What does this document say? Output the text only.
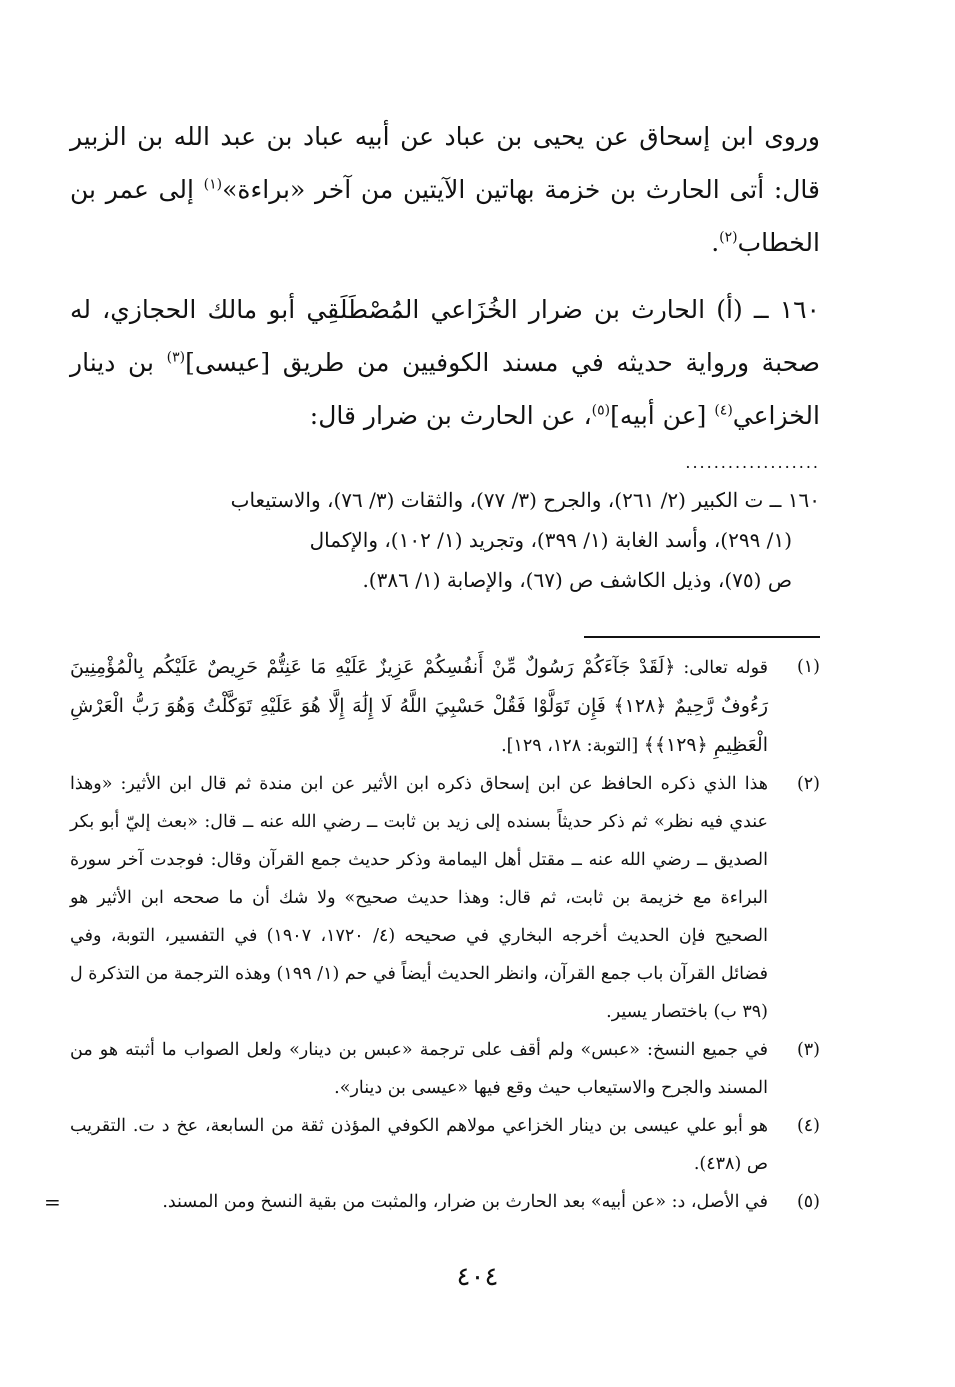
وروى ابن إسحاق عن يحيى بن عباد عن أبيه عباد بن عبد الله بن الزبير قال: أتى الحارث بن خزمة بهاتين الآيتين من آخر «براءة»$^{(١)}$ إلى عمر بن الخطاب$^{(٢)}$.

١٦٠ ــ (أ) الحارث بن ضرار الخُزَاعي المُصْطَلَقِي أبو مالك الحجازي، له صحبة ورواية حديثه في مسند الكوفيين من طريق [عيسى]$^{(٣)}$ بن دينار الخزاعي$^{(٤)}$ [عن أبيه]$^{(٥)}$، عن الحارث بن ضرار قال:

...................
١٦٠ ــ ت الكبير (٢/ ٢٦١)، والجرح (٣/ ٧٧)، والثقات (٣/ ٧٦)، والاستيعاب
(١/ ٢٩٩)، وأسد الغابة (١/ ٣٩٩)، وتجريد (١/ ١٠٢)، والإكمال
ص (٧٥)، وذيل الكاشف ص (٦٧)، والإصابة (١/ ٣٨٦).

(١)
قوله تعالى: ﴿لَقَدْ جَآءَكُمْ رَسُولٌ مِّنْ أَنفُسِكُمْ عَزِيزٌ عَلَيْهِ مَا عَنِتُّمْ حَرِيصٌ عَلَيْكُم بِالْمُؤْمِنِينَ رَءُوفٌ رَّحِيمٌ ﴿١٢٨﴾ فَإِن تَوَلَّوْا فَقُلْ حَسْبِيَ اللَّهُ لَا إِلَٰهَ إِلَّا هُوَ عَلَيْهِ تَوَكَّلْتُ وَهُوَ رَبُّ الْعَرْشِ الْعَظِيمِ ﴿١٢٩﴾﴾ [التوبة: ١٢٨، ١٢٩].

(٢)
هذا الذي ذكره الحافظ عن ابن إسحاق ذكره ابن الأثير عن ابن مندة ثم قال ابن الأثير: «وهذا عندي فيه نظر» ثم ذكر حديثاً بسنده إلى زيد بن ثابت ــ رضي الله عنه ــ قال: «بعث إليّ أبو بكر الصديق ــ رضي الله عنه ــ مقتل أهل اليمامة وذكر حديث جمع القرآن وقال: فوجدت آخر سورة البراءة مع خزيمة بن ثابت، ثم قال: وهذا حديث صحيح» ولا شك أن ما صححه ابن الأثير هو الصحيح فإن الحديث أخرجه البخاري في صحيحه (٤/ ١٧٢٠، ١٩٠٧) في التفسير، التوبة، وفي فضائل القرآن باب جمع القرآن، وانظر الحديث أيضاً في حم (١/ ١٩٩) وهذه الترجمة من التذكرة ل (٣٩ ب) باختصار يسير.

(٣)
في جميع النسخ: «عبس» ولم أقف على ترجمة «عبس بن دينار» ولعل الصواب ما أثبته هو من المسند والجرح والاستيعاب حيث وقع فيها «عيسى بن دينار».

(٤)
هو أبو علي عيسى بن دينار الخزاعي مولاهم الكوفي المؤذن ثقة من السابعة، عخ د ت. التقريب ص (٤٣٨).

(٥)
في الأصل، د: «عن أبيه» بعد الحارث بن ضرار، والمثبت من بقية النسخ ومن المسند.
=

٤٠٤
